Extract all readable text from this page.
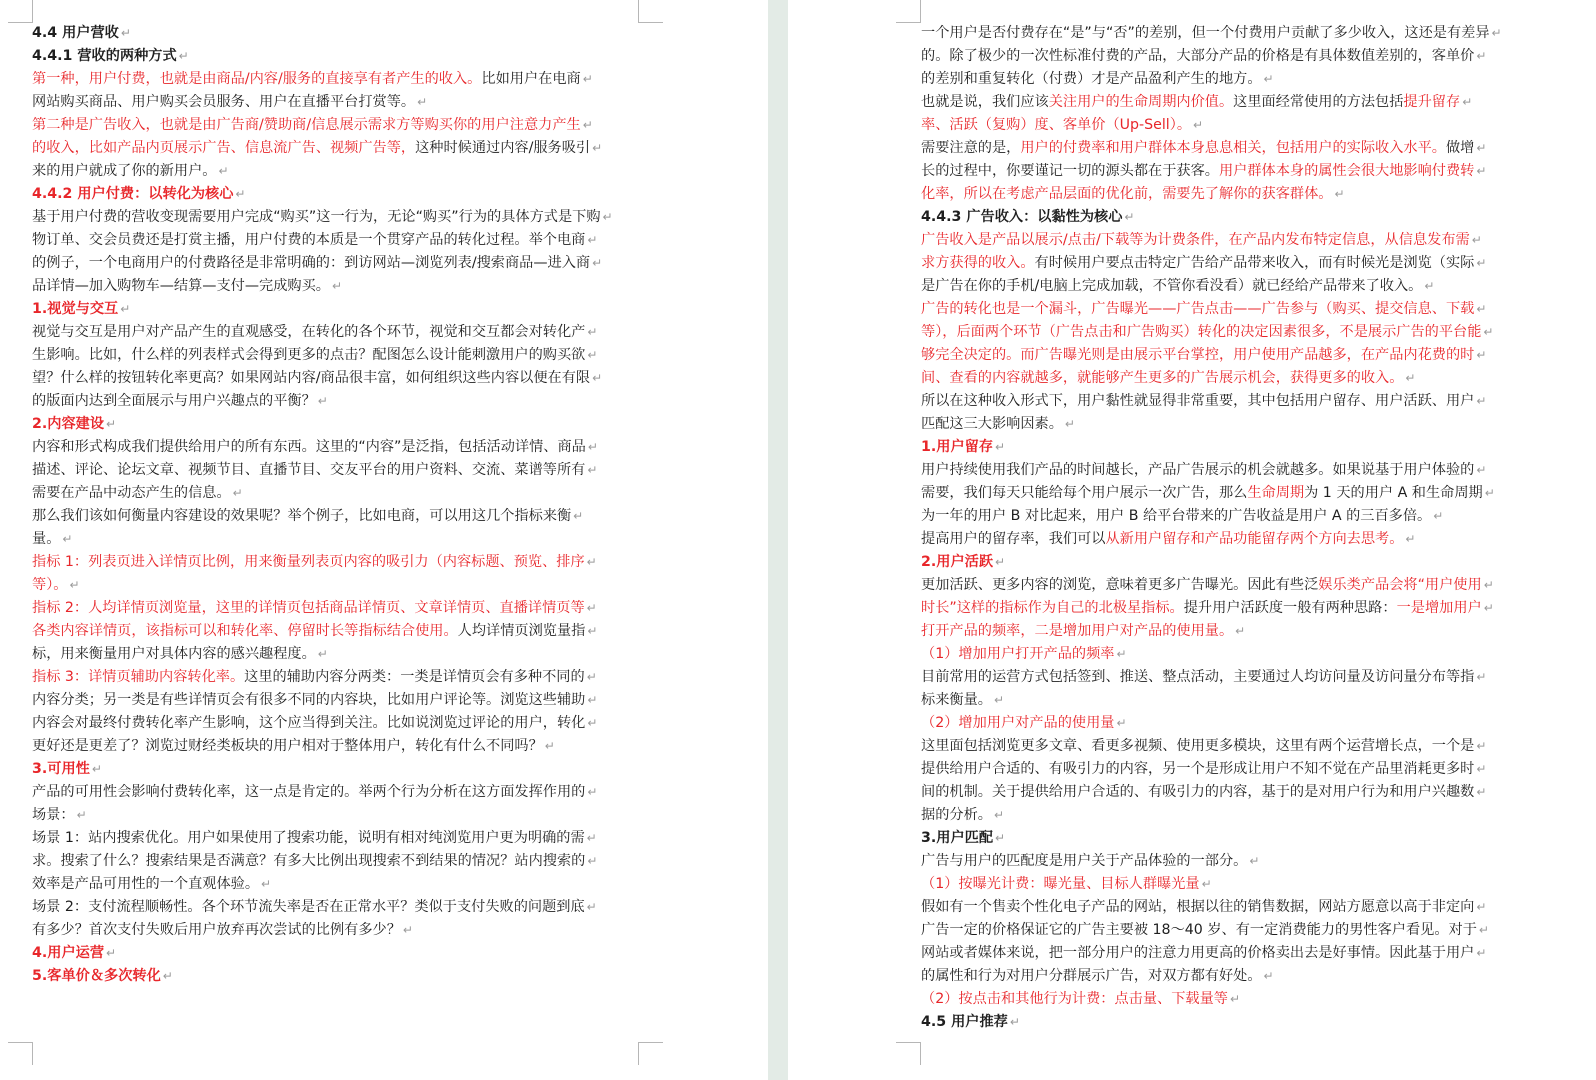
4.4 用户营收 ↵
4.4.1 营收的两种方式 ↵
第一种，用户付费，也就是由商品/内容/服务的直接享有者产生的收入。比如用户在电商 ↵
网站购买商品、用户购买会员服务、用户在直播平台打赏等。 ↵
第二种是广告收入，也就是由广告商/赞助商/信息展示需求方等购买你的用户注意力产生 ↵
的收入，比如产品内页展示广告、信息流广告、视频广告等，这种时候通过内容/服务吸引 ↵
来的用户就成了你的新用户。 ↵
4.4.2 用户付费：以转化为核心 ↵
基于用户付费的营收变现需要用户完成“购买”这一行为，无论“购买”行为的具体方式是下购 ↵
物订单、交会员费还是打赏主播，用户付费的本质是一个贯穿产品的转化过程。举个电商 ↵
的例子，一个电商用户的付费路径是非常明确的：到访网站—浏览列表/搜索商品—进入商 ↵
品详情—加入购物车—结算—支付—完成购买。 ↵
1.视觉与交互 ↵
视觉与交互是用户对产品产生的直观感受，在转化的各个环节，视觉和交互都会对转化产 ↵
生影响。比如，什么样的列表样式会得到更多的点击？配图怎么设计能刺激用户的购买欲 ↵
望？什么样的按钮转化率更高？如果网站内容/商品很丰富，如何组织这些内容以便在有限 ↵
的版面内达到全面展示与用户兴趣点的平衡？ ↵
2.内容建设 ↵
内容和形式构成我们提供给用户的所有东西。这里的“内容”是泛指，包括活动详情、商品 ↵
描述、评论、论坛文章、视频节目、直播节目、交友平台的用户资料、交流、菜谱等所有 ↵
需要在产品中动态产生的信息。 ↵
那么我们该如何衡量内容建设的效果呢？举个例子，比如电商，可以用这几个指标来衡 ↵
量。 ↵
指标 1：列表页进入详情页比例，用来衡量列表页内容的吸引力（内容标题、预览、排序 ↵
等）。 ↵
指标 2：人均详情页浏览量，这里的详情页包括商品详情页、文章详情页、直播详情页等 ↵
各类内容详情页，该指标可以和转化率、停留时长等指标结合使用。人均详情页浏览量指 ↵
标，用来衡量用户对具体内容的感兴趣程度。 ↵
指标 3：详情页辅助内容转化率。这里的辅助内容分两类：一类是详情页会有多种不同的 ↵
内容分类；另一类是有些详情页会有很多不同的内容块，比如用户评论等。浏览这些辅助 ↵
内容会对最终付费转化率产生影响，这个应当得到关注。比如说浏览过评论的用户，转化 ↵
更好还是更差了？浏览过财经类板块的用户相对于整体用户，转化有什么不同吗？ ↵
3.可用性 ↵
产品的可用性会影响付费转化率，这一点是肯定的。举两个行为分析在这方面发挥作用的 ↵
场景： ↵
场景 1：站内搜索优化。用户如果使用了搜索功能，说明有相对纯浏览用户更为明确的需 ↵
求。搜索了什么？搜索结果是否满意？有多大比例出现搜索不到结果的情况？站内搜索的 ↵
效率是产品可用性的一个直观体验。 ↵
场景 2：支付流程顺畅性。各个环节流失率是否在正常水平？类似于支付失败的问题到底 ↵
有多少？首次支付失败后用户放弃再次尝试的比例有多少？ ↵
4.用户运营 ↵
5.客单价＆多次转化 ↵
一个用户是否付费存在“是”与“否”的差别，但一个付费用户贡献了多少收入，这还是有差异 ↵
的。除了极少的一次性标准付费的产品，大部分产品的价格是有具体数值差别的，客单价 ↵
的差别和重复转化（付费）才是产品盈利产生的地方。 ↵
也就是说，我们应该关注用户的生命周期内价值。这里面经常使用的方法包括提升留存 ↵
率、活跃（复购）度、客单价（Up-Sell）。 ↵
需要注意的是，用户的付费率和用户群体本身息息相关，包括用户的实际收入水平。做增 ↵
长的过程中，你要谨记一切的源头都在于获客。用户群体本身的属性会很大地影响付费转 ↵
化率，所以在考虑产品层面的优化前，需要先了解你的获客群体。 ↵
4.4.3 广告收入：以黏性为核心 ↵
广告收入是产品以展示/点击/下载等为计费条件，在产品内发布特定信息，从信息发布需 ↵
求方获得的收入。有时候用户要点击特定广告给产品带来收入，而有时候光是浏览（实际 ↵
是广告在你的手机/电脑上完成加载，不管你看没看）就已经给产品带来了收入。 ↵
广告的转化也是一个漏斗，广告曝光——广告点击——广告参与（购买、提交信息、下载 ↵
等），后面两个环节（广告点击和广告购买）转化的决定因素很多，不是展示广告的平台能 ↵
够完全决定的。而广告曝光则是由展示平台掌控，用户使用产品越多，在产品内花费的时 ↵
间、查看的内容就越多，就能够产生更多的广告展示机会，获得更多的收入。 ↵
所以在这种收入形式下，用户黏性就显得非常重要，其中包括用户留存、用户活跃、用户 ↵
匹配这三大影响因素。 ↵
1.用户留存 ↵
用户持续使用我们产品的时间越长，产品广告展示的机会就越多。如果说基于用户体验的 ↵
需要，我们每天只能给每个用户展示一次广告，那么生命周期为 1 天的用户 A 和生命周期 ↵
为一年的用户 B 对比起来，用户 B 给平台带来的广告收益是用户 A 的三百多倍。 ↵
提高用户的留存率，我们可以从新用户留存和产品功能留存两个方向去思考。 ↵
2.用户活跃 ↵
更加活跃、更多内容的浏览，意味着更多广告曝光。因此有些泛娱乐类产品会将“用户使用 ↵
时长”这样的指标作为自己的北极星指标。提升用户活跃度一般有两种思路：一是增加用户 ↵
打开产品的频率，二是增加用户对产品的使用量。 ↵
（1）增加用户打开产品的频率 ↵
目前常用的运营方式包括签到、推送、整点活动，主要通过人均访问量及访问量分布等指 ↵
标来衡量。 ↵
（2）增加用户对产品的使用量 ↵
这里面包括浏览更多文章、看更多视频、使用更多模块，这里有两个运营增长点，一个是 ↵
提供给用户合适的、有吸引力的内容，另一个是形成让用户不知不觉在产品里消耗更多时 ↵
间的机制。关于提供给用户合适的、有吸引力的内容，基于的是对用户行为和用户兴趣数 ↵
据的分析。 ↵
3.用户匹配 ↵
广告与用户的匹配度是用户关于产品体验的一部分。 ↵
（1）按曝光计费：曝光量、目标人群曝光量 ↵
假如有一个售卖个性化电子产品的网站，根据以往的销售数据，网站方愿意以高于非定向 ↵
广告一定的价格保证它的广告主要被 18～40 岁、有一定消费能力的男性客户看见。对于 ↵
网站或者媒体来说，把一部分用户的注意力用更高的价格卖出去是好事情。因此基于用户 ↵
的属性和行为对用户分群展示广告，对双方都有好处。 ↵
（2）按点击和其他行为计费：点击量、下载量等 ↵
4.5 用户推荐 ↵
